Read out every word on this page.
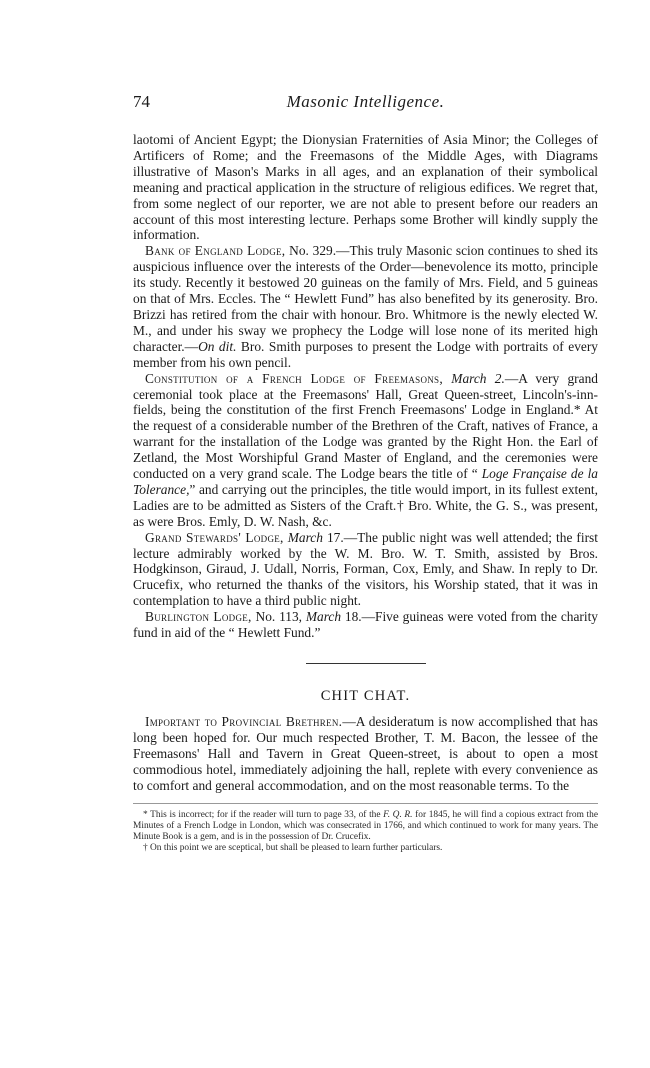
74	Masonic Intelligence.

laotomi of Ancient Egypt; the Dionysian Fraternities of Asia Minor; the Colleges of Artificers of Rome; and the Freemasons of the Middle Ages, with Diagrams illustrative of Mason's Marks in all ages, and an explanation of their symbolical meaning and practical application in the structure of religious edifices. We regret that, from some neglect of our reporter, we are not able to present before our readers an account of this most interesting lecture. Perhaps some Brother will kindly supply the information.

Bank of England Lodge, No. 329.—This truly Masonic scion continues to shed its auspicious influence over the interests of the Order—benevolence its motto, principle its study. Recently it bestowed 20 guineas on the family of Mrs. Field, and 5 guineas on that of Mrs. Eccles. The “ Hewlett Fund” has also benefited by its generosity. Bro. Brizzi has retired from the chair with honour. Bro. Whitmore is the newly elected W. M., and under his sway we prophecy the Lodge will lose none of its merited high character.—On dit. Bro. Smith purposes to present the Lodge with portraits of every member from his own pencil.

Constitution of a French Lodge of Freemasons, March 2.—A very grand ceremonial took place at the Freemasons' Hall, Great Queen-street, Lincoln's-inn-fields, being the constitution of the first French Freemasons' Lodge in England.* At the request of a considerable number of the Brethren of the Craft, natives of France, a warrant for the installation of the Lodge was granted by the Right Hon. the Earl of Zetland, the Most Worshipful Grand Master of England, and the ceremonies were conducted on a very grand scale. The Lodge bears the title of “ Loge Française de la Tolerance,” and carrying out the principles, the title would import, in its fullest extent, Ladies are to be admitted as Sisters of the Craft.† Bro. White, the G. S., was present, as were Bros. Emly, D. W. Nash, &c.

Grand Stewards' Lodge, March 17.—The public night was well attended; the first lecture admirably worked by the W. M. Bro. W. T. Smith, assisted by Bros. Hodgkinson, Giraud, J. Udall, Norris, Forman, Cox, Emly, and Shaw. In reply to Dr. Crucefix, who returned the thanks of the visitors, his Worship stated, that it was in contemplation to have a third public night.

Burlington Lodge, No. 113, March 18.—Five guineas were voted from the charity fund in aid of the “ Hewlett Fund.”

CHIT CHAT.

Important to Provincial Brethren.—A desideratum is now accomplished that has long been hoped for. Our much respected Brother, T. M. Bacon, the lessee of the Freemasons' Hall and Tavern in Great Queen-street, is about to open a most commodious hotel, immediately adjoining the hall, replete with every convenience as to comfort and general accommodation, and on the most reasonable terms. To the

* This is incorrect; for if the reader will turn to page 33, of the F. Q. R. for 1845, he will find a copious extract from the Minutes of a French Lodge in London, which was consecrated in 1766, and which continued to work for many years. The Minute Book is a gem, and is in the possession of Dr. Crucefix.

† On this point we are sceptical, but shall be pleased to learn further particulars.
